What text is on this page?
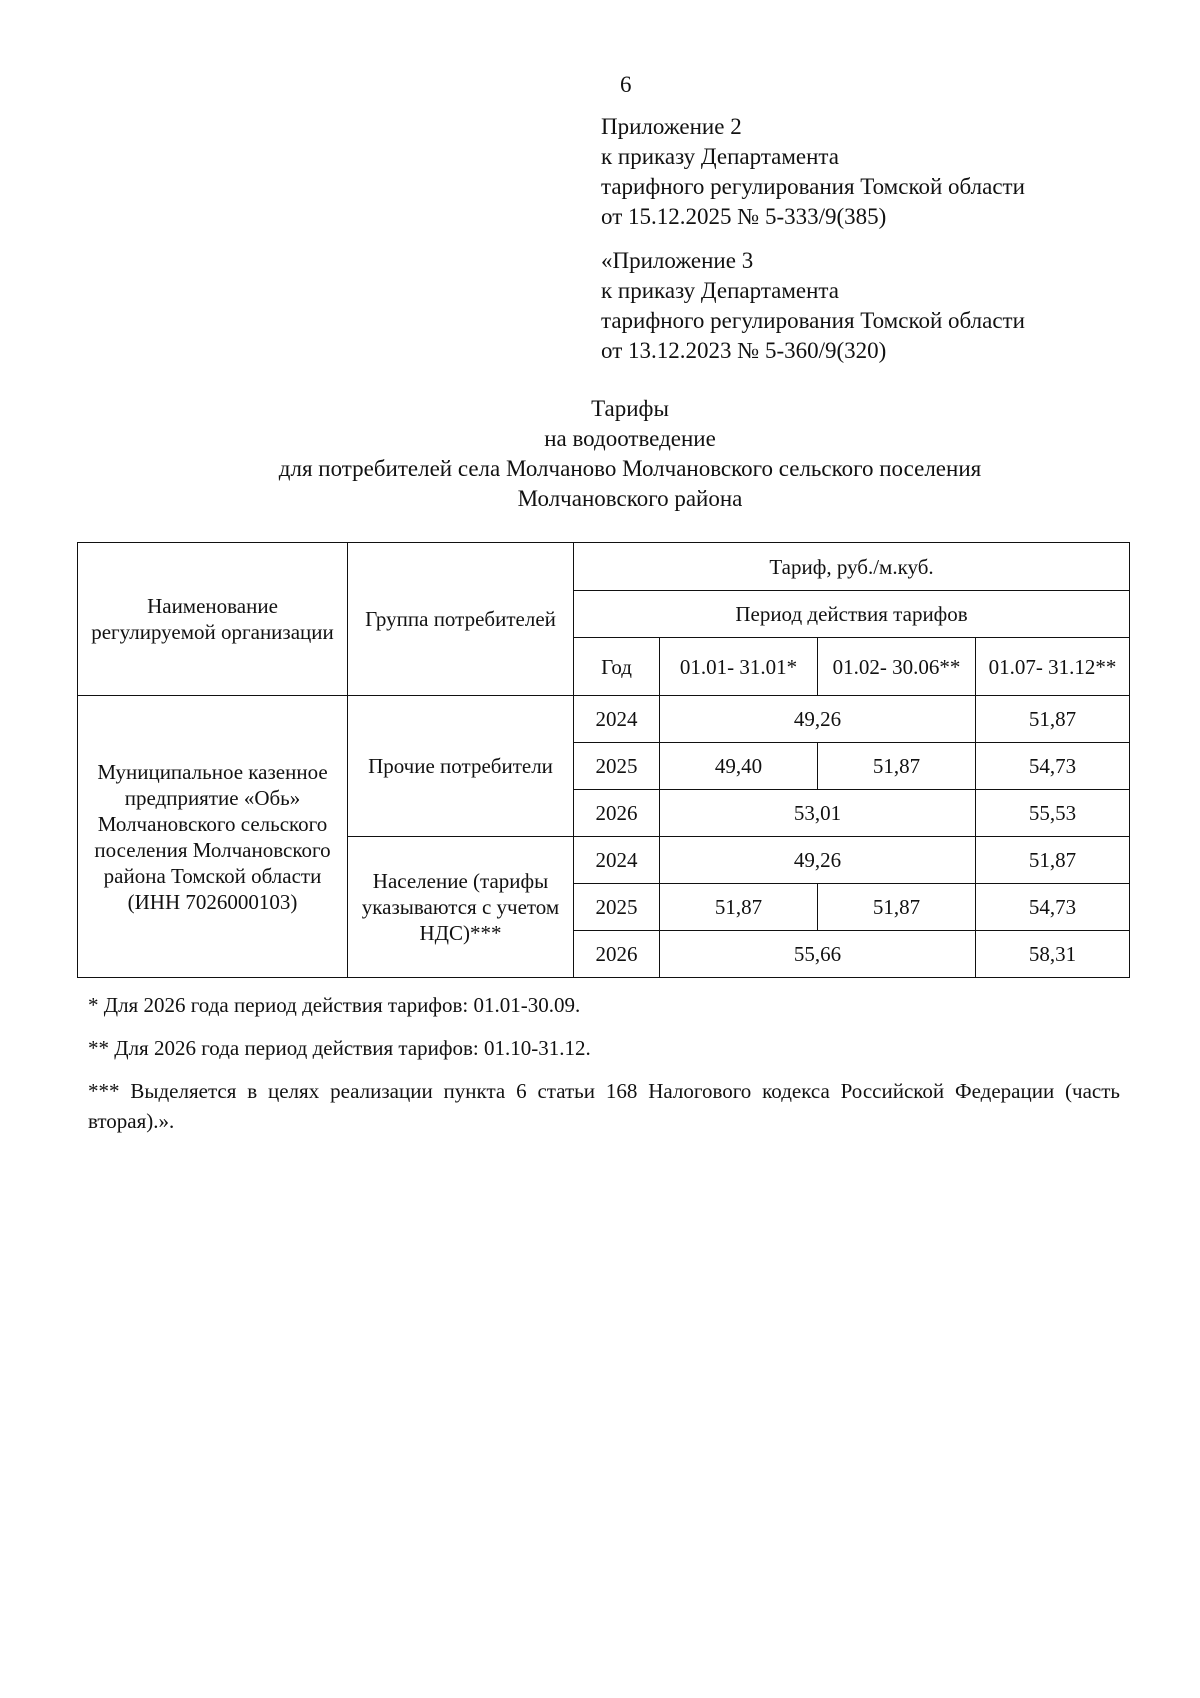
6
Приложение 2
к приказу Департамента
тарифного регулирования Томской области
от 15.12.2025 № 5-333/9(385)
«Приложение 3
к приказу Департамента
тарифного регулирования Томской области
от 13.12.2023 № 5-360/9(320)
Тарифы
на водоотведение
для потребителей села Молчаново Молчановского сельского поселения
Молчановского района
Наименование регулируемой организации	Группа потребителей	Тариф, руб./м.куб.			
		Период действия тарифов			
		Год	01.01- 31.01*	01.02- 30.06**	01.07- 31.12**
Муниципальное казенное предприятие «Обь» Молчановского сельского поселения Молчановского района Томской области (ИНН 7026000103)	Прочие потребители	2024	49,26		51,87
		2025	49,40	51,87	54,73
		2026	53,01		55,53
	Население (тарифы указываются с учетом НДС)***	2024	49,26		51,87
		2025	51,87	51,87	54,73
		2026	55,66		58,31

* Для 2026 года период действия тарифов: 01.01-30.09.

** Для 2026 года период действия тарифов: 01.10-31.12.

*** Выделяется в целях реализации пункта 6 статьи 168 Налогового кодекса Российской Федерации (часть вторая).».
